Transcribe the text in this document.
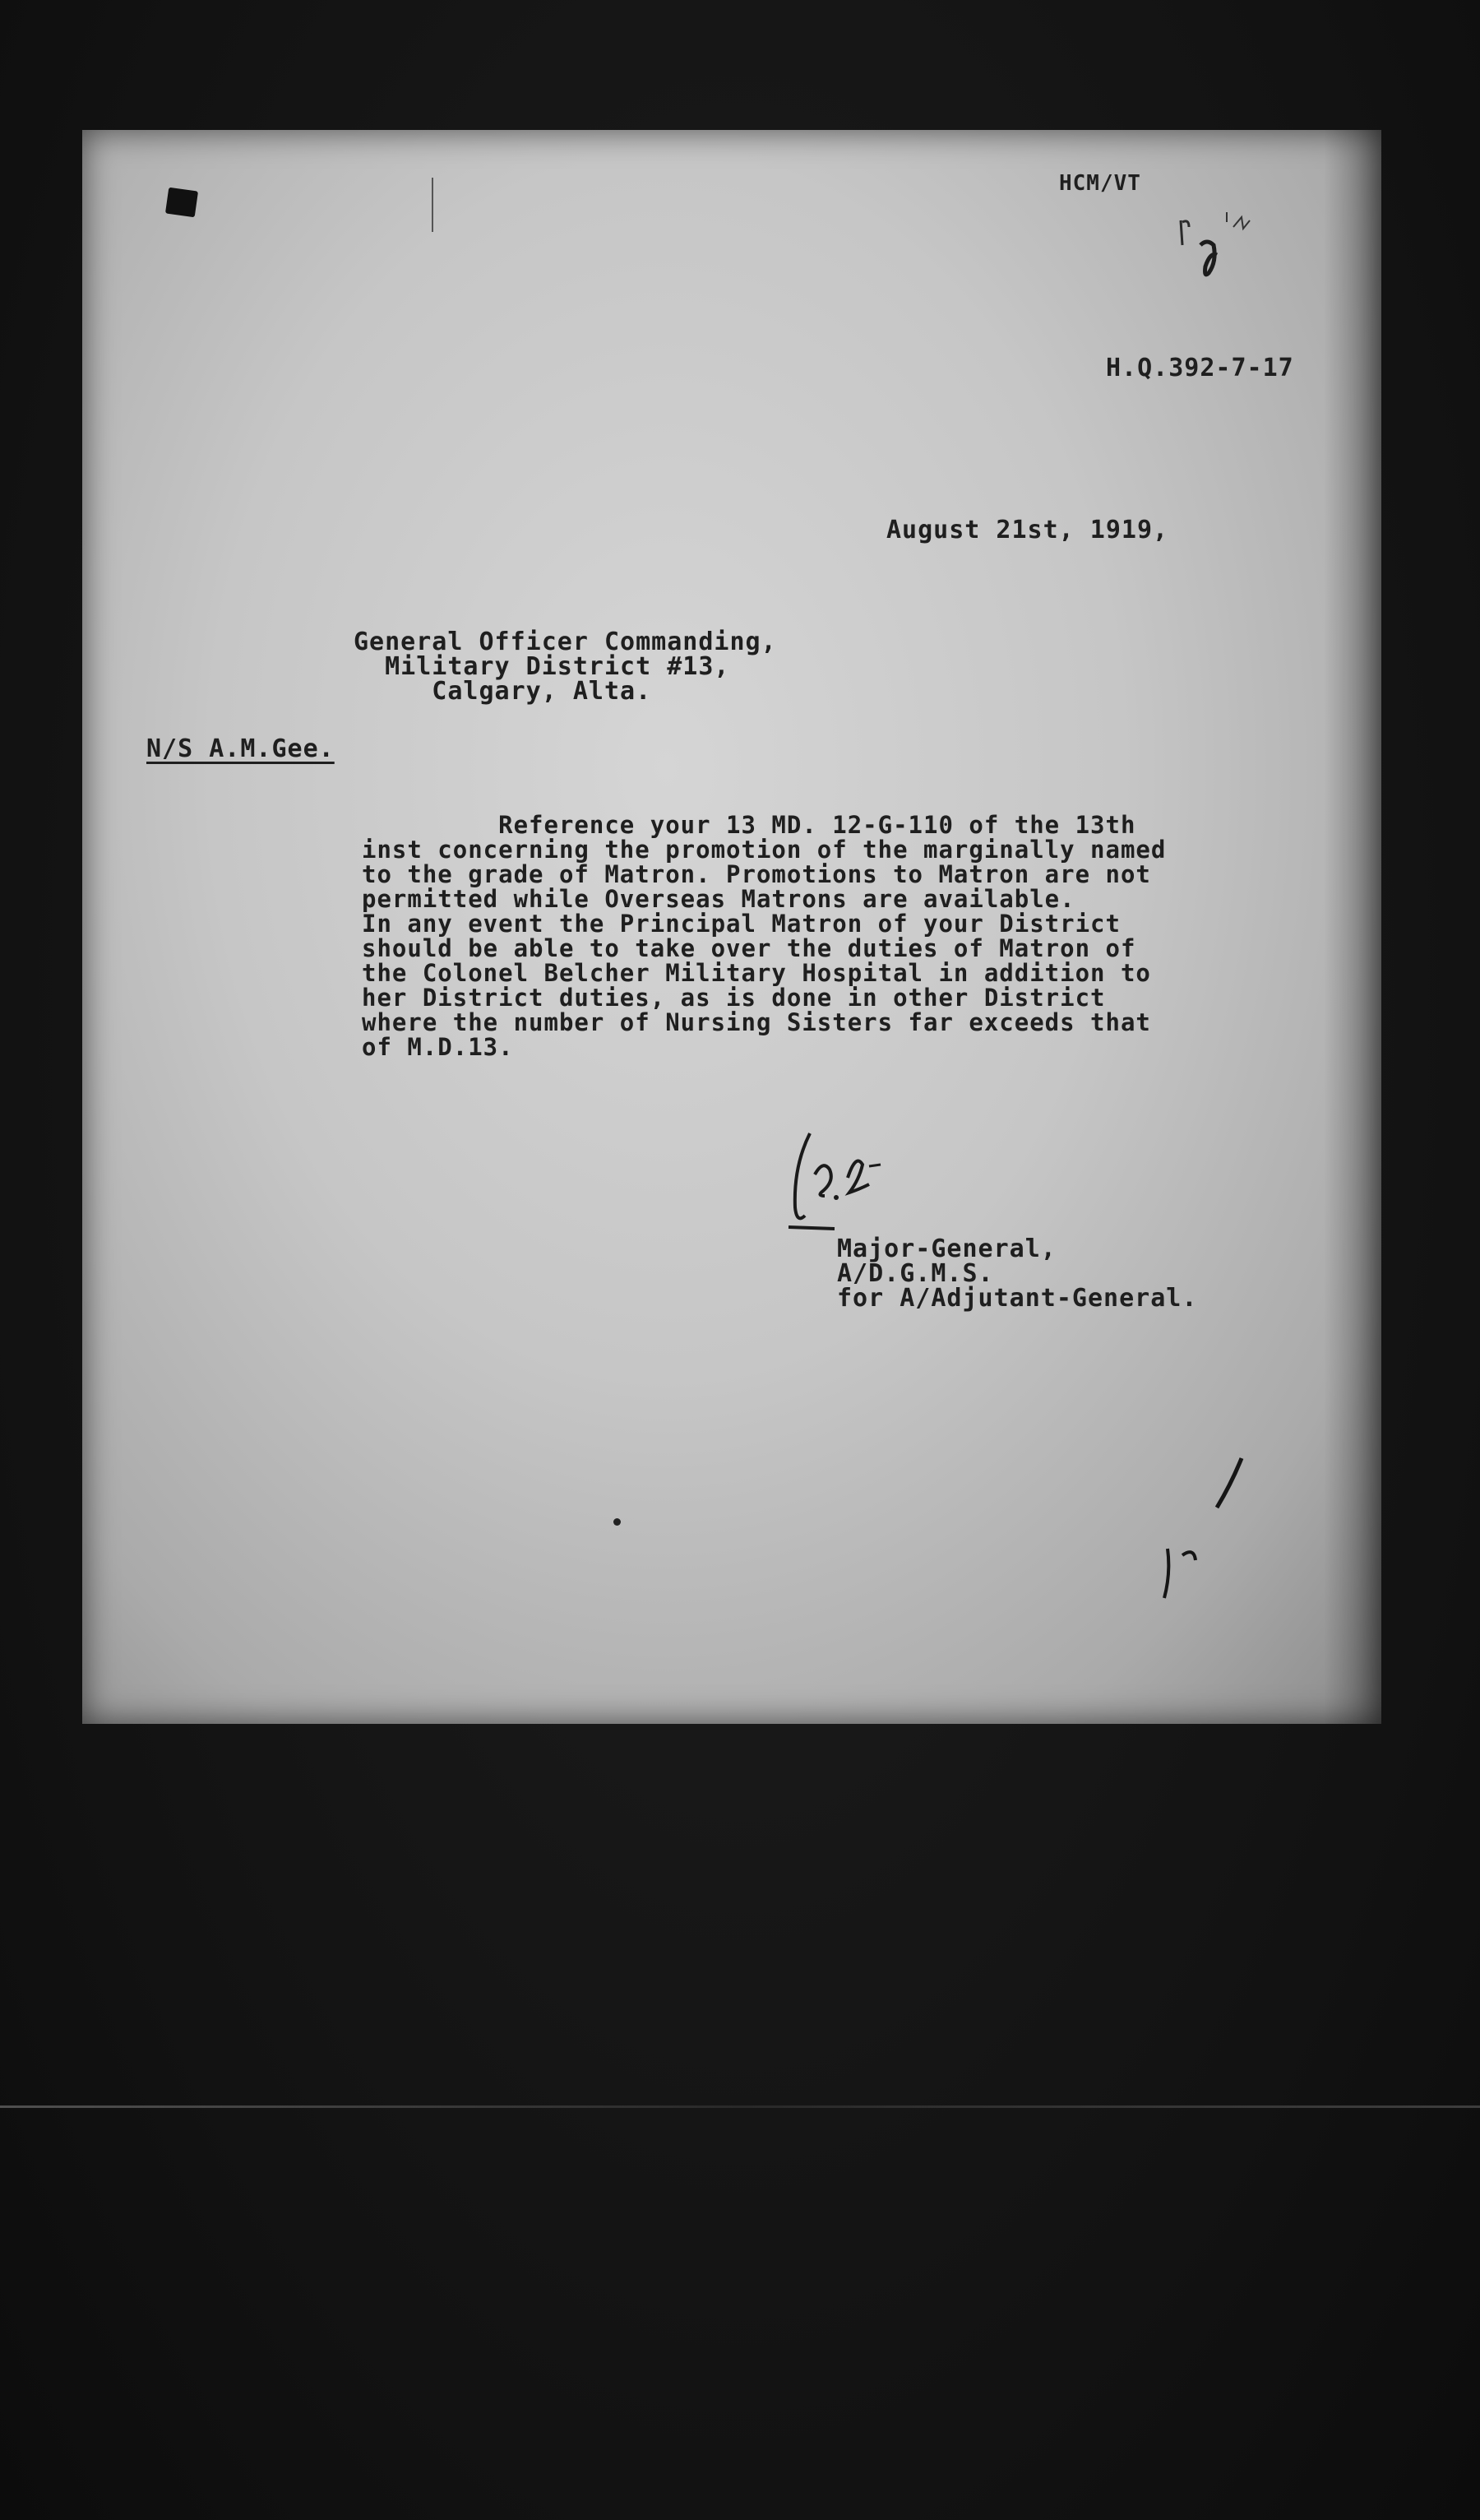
HCM/VT
H.Q.392-7-17
August 21st, 1919,
General Officer Commanding,
Military District #13,
Calgary, Alta.
N/S A.M.Gee.
Reference your 13 MD. 12-G-110 of the 13th
inst concerning the promotion of the marginally named
to the grade of Matron. Promotions to Matron are not
permitted while Overseas Matrons are available.
In any event the Principal Matron of your District
should be able to take over the duties of Matron of
the Colonel Belcher Military Hospital in addition to
her District duties, as is done in other District
where the number of Nursing Sisters far exceeds that
of M.D.13.
Major-General,
A/D.G.M.S.
for A/Adjutant-General.
